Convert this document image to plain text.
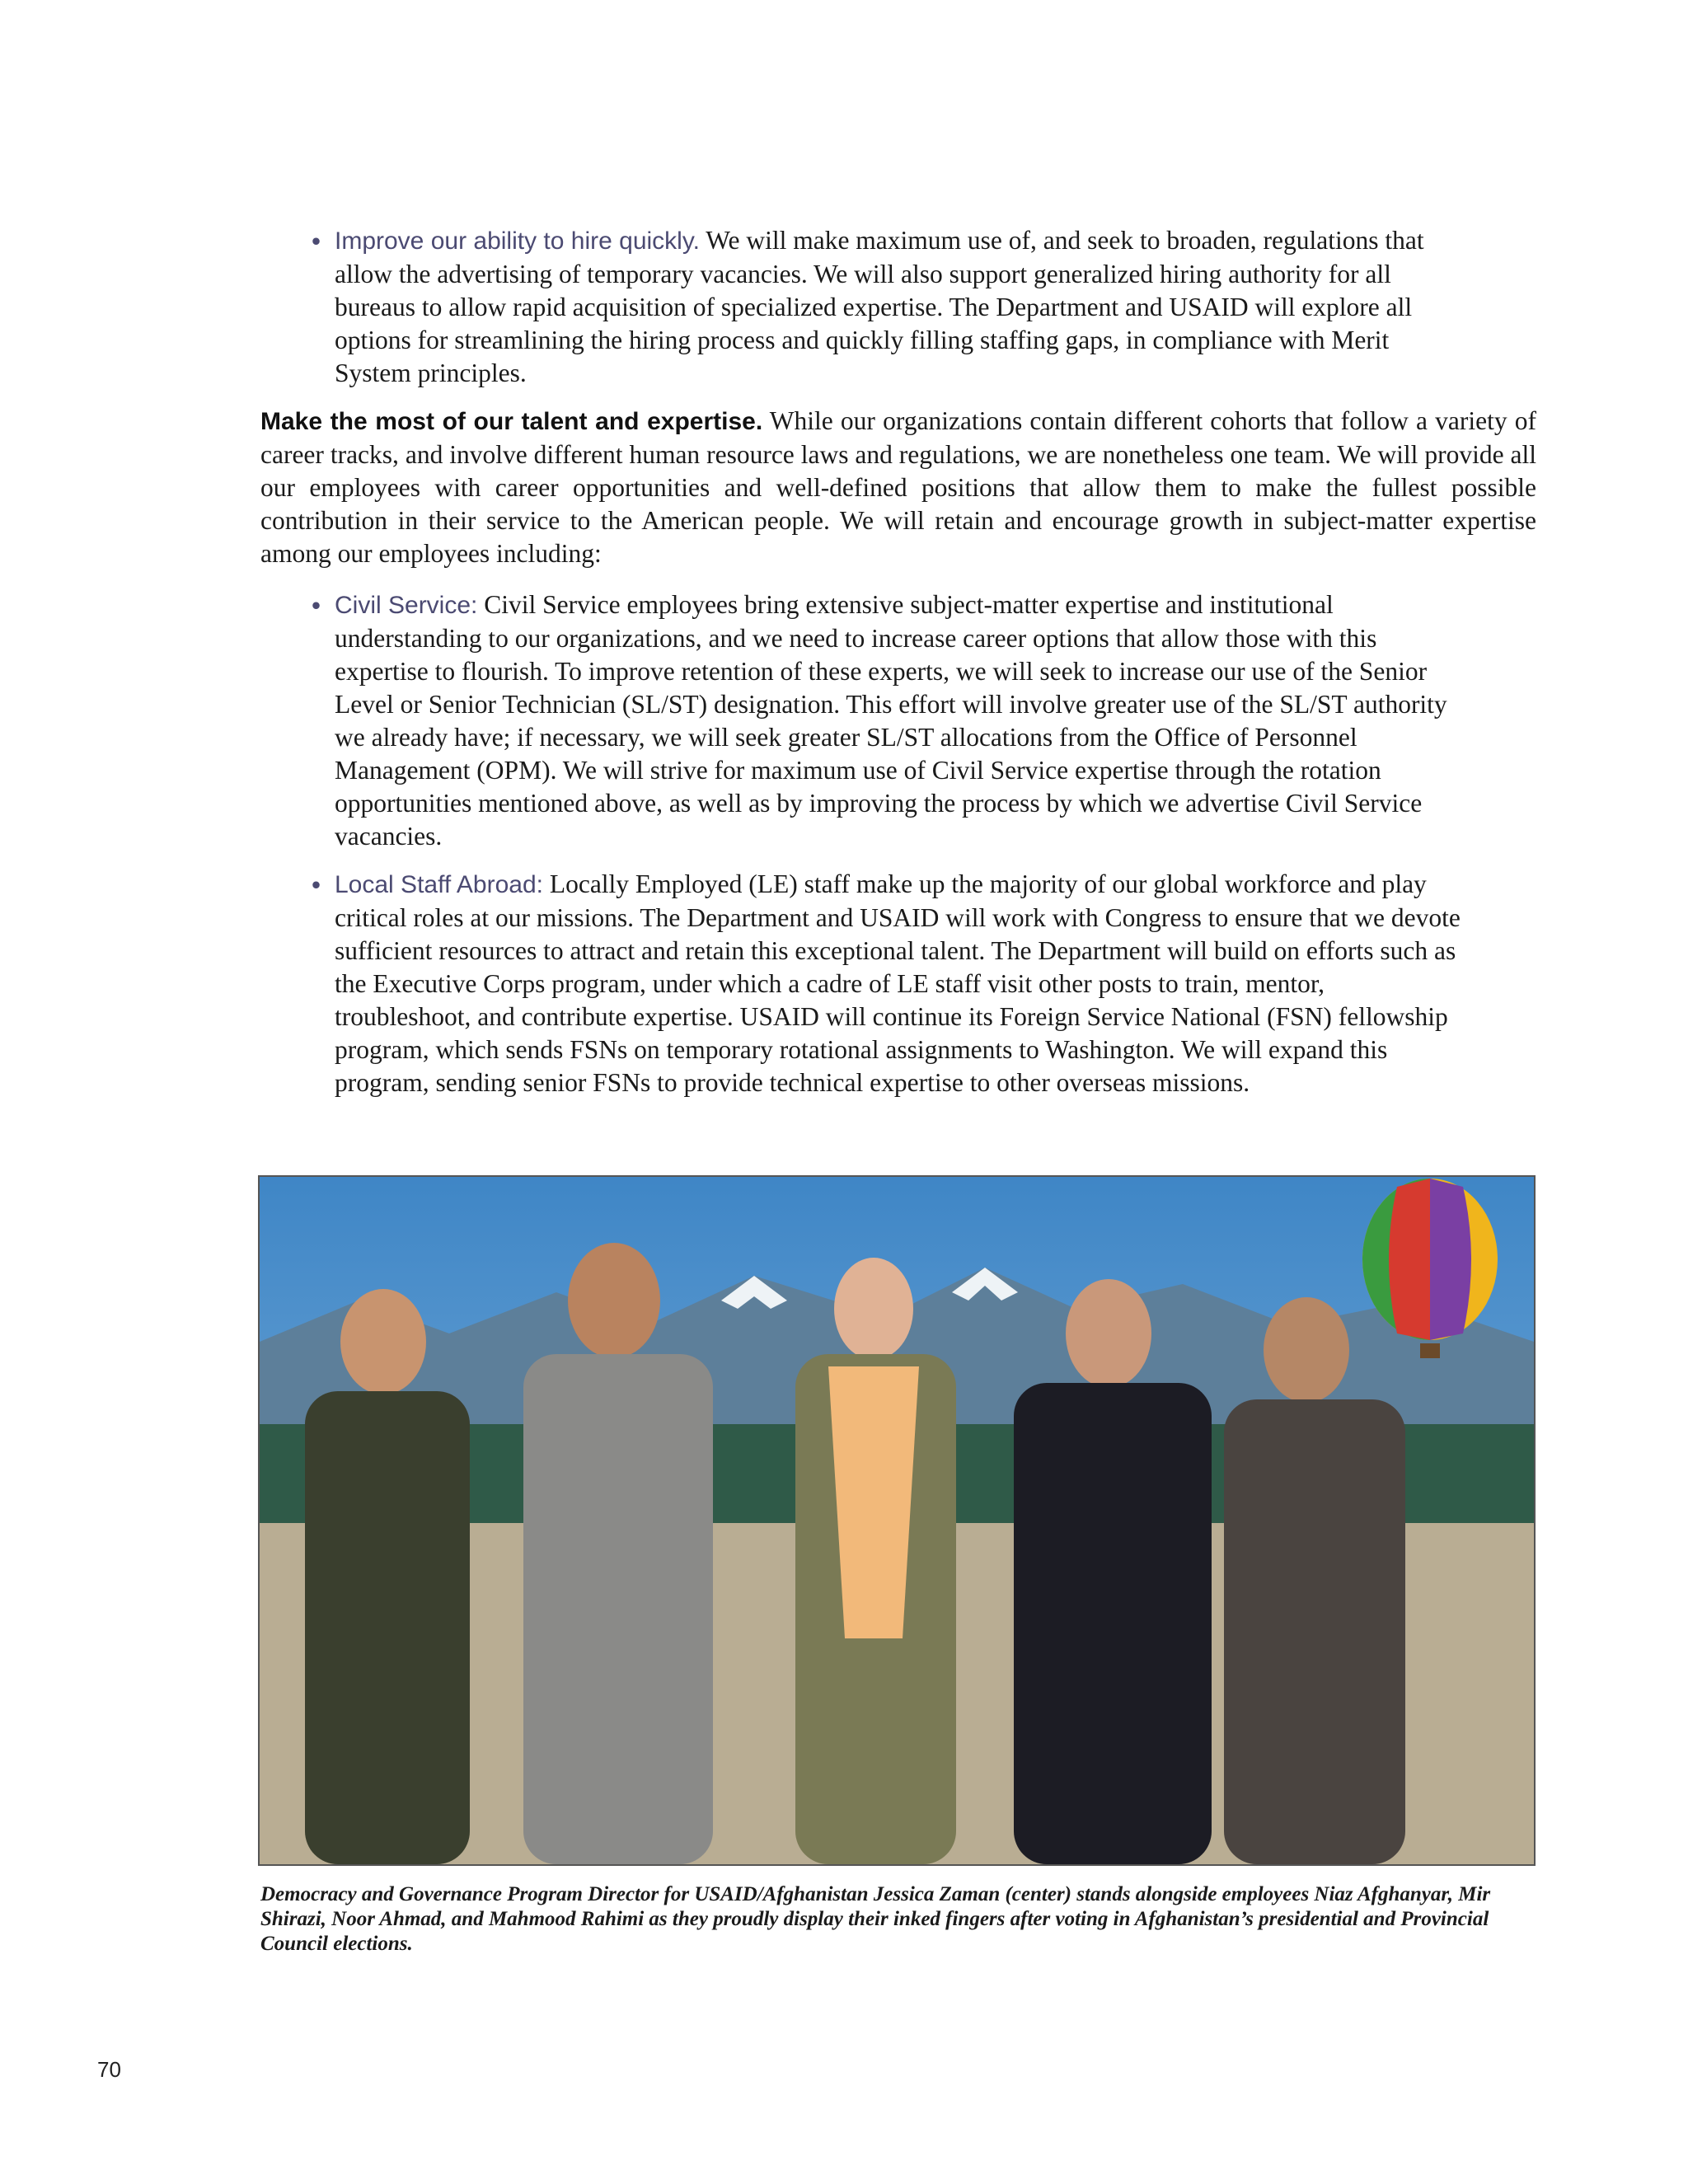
• Improve our ability to hire quickly. We will make maximum use of, and seek to broaden, regulations that allow the advertising of temporary vacancies. We will also support generalized hiring authority for all bureaus to allow rapid acquisition of specialized expertise. The Department and USAID will explore all options for streamlining the hiring process and quickly filling staffing gaps, in compliance with Merit System principles.

Make the most of our talent and expertise. While our organizations contain different cohorts that follow a variety of career tracks, and involve different human resource laws and regulations, we are nonetheless one team. We will provide all our employees with career opportunities and well-defined positions that allow them to make the fullest possible contribution in their service to the American people. We will retain and encourage growth in subject-matter expertise among our employees including:

• Civil Service: Civil Service employees bring extensive subject-matter expertise and institutional understanding to our organizations, and we need to increase career options that allow those with this expertise to flourish. To improve retention of these experts, we will seek to increase our use of the Senior Level or Senior Technician (SL/ST) designation. This effort will involve greater use of the SL/ST authority we already have; if necessary, we will seek greater SL/ST allocations from the Office of Personnel Management (OPM). We will strive for maximum use of Civil Service expertise through the rotation opportunities mentioned above, as well as by improving the process by which we advertise Civil Service vacancies.
• Local Staff Abroad: Locally Employed (LE) staff make up the majority of our global workforce and play critical roles at our missions. The Department and USAID will work with Congress to ensure that we devote sufficient resources to attract and retain this exceptional talent. The Department will build on efforts such as the Executive Corps program, under which a cadre of LE staff visit other posts to train, mentor, troubleshoot, and contribute expertise. USAID will continue its Foreign Service National (FSN) fellowship program, which sends FSNs on temporary rotational assignments to Washington. We will expand this program, sending senior FSNs to provide technical expertise to other overseas missions.
Democracy and Governance Program Director for USAID/Afghanistan Jessica Zaman (center) stands alongside employees Niaz Afghanyar, Mir Shirazi, Noor Ahmad, and Mahmood Rahimi as they proudly display their inked fingers after voting in Afghanistan’s presidential and Provincial Council elections.
70
